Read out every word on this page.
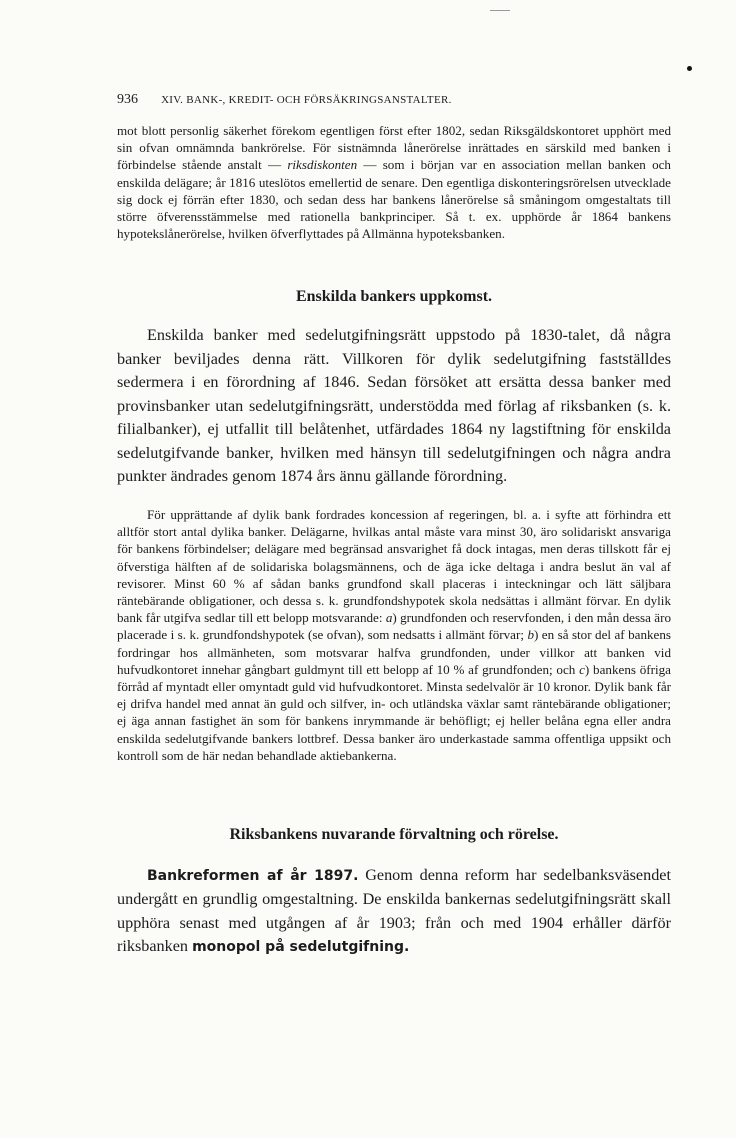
936 XIV. BANK-, KREDIT- OCH FÖRSÄKRINGSANSTALTER.

mot blott personlig säkerhet förekom egentligen först efter 1802, sedan Riksgäldskontoret upphört med sin ofvan omnämnda bankrörelse. För sistnämnda lånerörelse inrättades en särskild med banken i förbindelse stående anstalt — riksdiskonten — som i början var en association mellan banken och enskilda delägare; år 1816 uteslötos emellertid de senare. Den egentliga diskonteringsrörelsen utvecklade sig dock ej förrän efter 1830, och sedan dess har bankens lånerörelse så småningom omgestaltats till större öfverensstämmelse med rationella bankprinciper. Så t. ex. upphörde år 1864 bankens hypotekslånerörelse, hvilken öfverflyttades på Allmänna hypoteksbanken.

Enskilda bankers uppkomst.

Enskilda banker med sedelutgifningsrätt uppstodo på 1830-talet, då några banker beviljades denna rätt. Villkoren för dylik sedelutgifning fastställdes sedermera i en förordning af 1846. Sedan försöket att ersätta dessa banker med provinsbanker utan sedelutgifningsrätt, understödda med förlag af riksbanken (s. k. filialbanker), ej utfallit till belåtenhet, utfärdades 1864 ny lagstiftning för enskilda sedelutgifvande banker, hvilken med hänsyn till sedelutgifningen och några andra punkter ändrades genom 1874 års ännu gällande förordning.

För upprättande af dylik bank fordrades koncession af regeringen, bl. a. i syfte att förhindra ett alltför stort antal dylika banker. Delägarne, hvilkas antal måste vara minst 30, äro solidariskt ansvariga för bankens förbindelser; delägare med begränsad ansvarighet få dock intagas, men deras tillskott får ej öfverstiga hälften af de solidariska bolagsmännens, och de äga icke deltaga i andra beslut än val af revisorer. Minst 60 % af sådan banks grundfond skall placeras i inteckningar och lätt säljbara räntebärande obligationer, och dessa s. k. grundfondshypotek skola nedsättas i allmänt förvar. En dylik bank får utgifva sedlar till ett belopp motsvarande: a) grundfonden och reservfonden, i den mån dessa äro placerade i s. k. grundfondshypotek (se ofvan), som nedsatts i allmänt förvar; b) en så stor del af bankens fordringar hos allmänheten, som motsvarar halfva grundfonden, under villkor att banken vid hufvudkontoret innehar gångbart guldmynt till ett belopp af 10 % af grundfonden; och c) bankens öfriga förråd af myntadt eller omyntadt guld vid hufvudkontoret. Minsta sedelvalör är 10 kronor. Dylik bank får ej drifva handel med annat än guld och silfver, in- och utländska växlar samt räntebärande obligationer; ej äga annan fastighet än som för bankens inrymmande är behöfligt; ej heller belåna egna eller andra enskilda sedelutgifvande bankers lottbref. Dessa banker äro underkastade samma offentliga uppsikt och kontroll som de här nedan behandlade aktiebankerna.

Riksbankens nuvarande förvaltning och rörelse.

Bankreformen af år 1897. Genom denna reform har sedelbanksväsendet undergått en grundlig omgestaltning. De enskilda bankernas sedelutgifningsrätt skall upphöra senast med utgången af år 1903; från och med 1904 erhåller därför riksbanken monopol på sedelutgifning.
